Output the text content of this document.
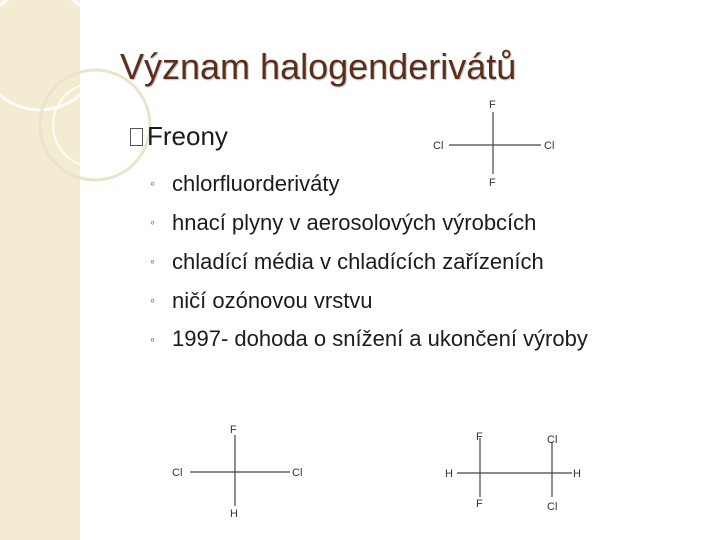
Význam halogenderivátů
Freony
◦ chlorfluorderiváty
◦ hnací plyny v aerosolových výrobcích
◦ chladící média v chladících zařízeních
◦ ničí ozónovou vrstvu
◦ 1997- dohoda o snížení a ukončení výroby
F
F
Cl	Cl
F
H
Cl	Cl
F
F
H
Cl
Cl
H
